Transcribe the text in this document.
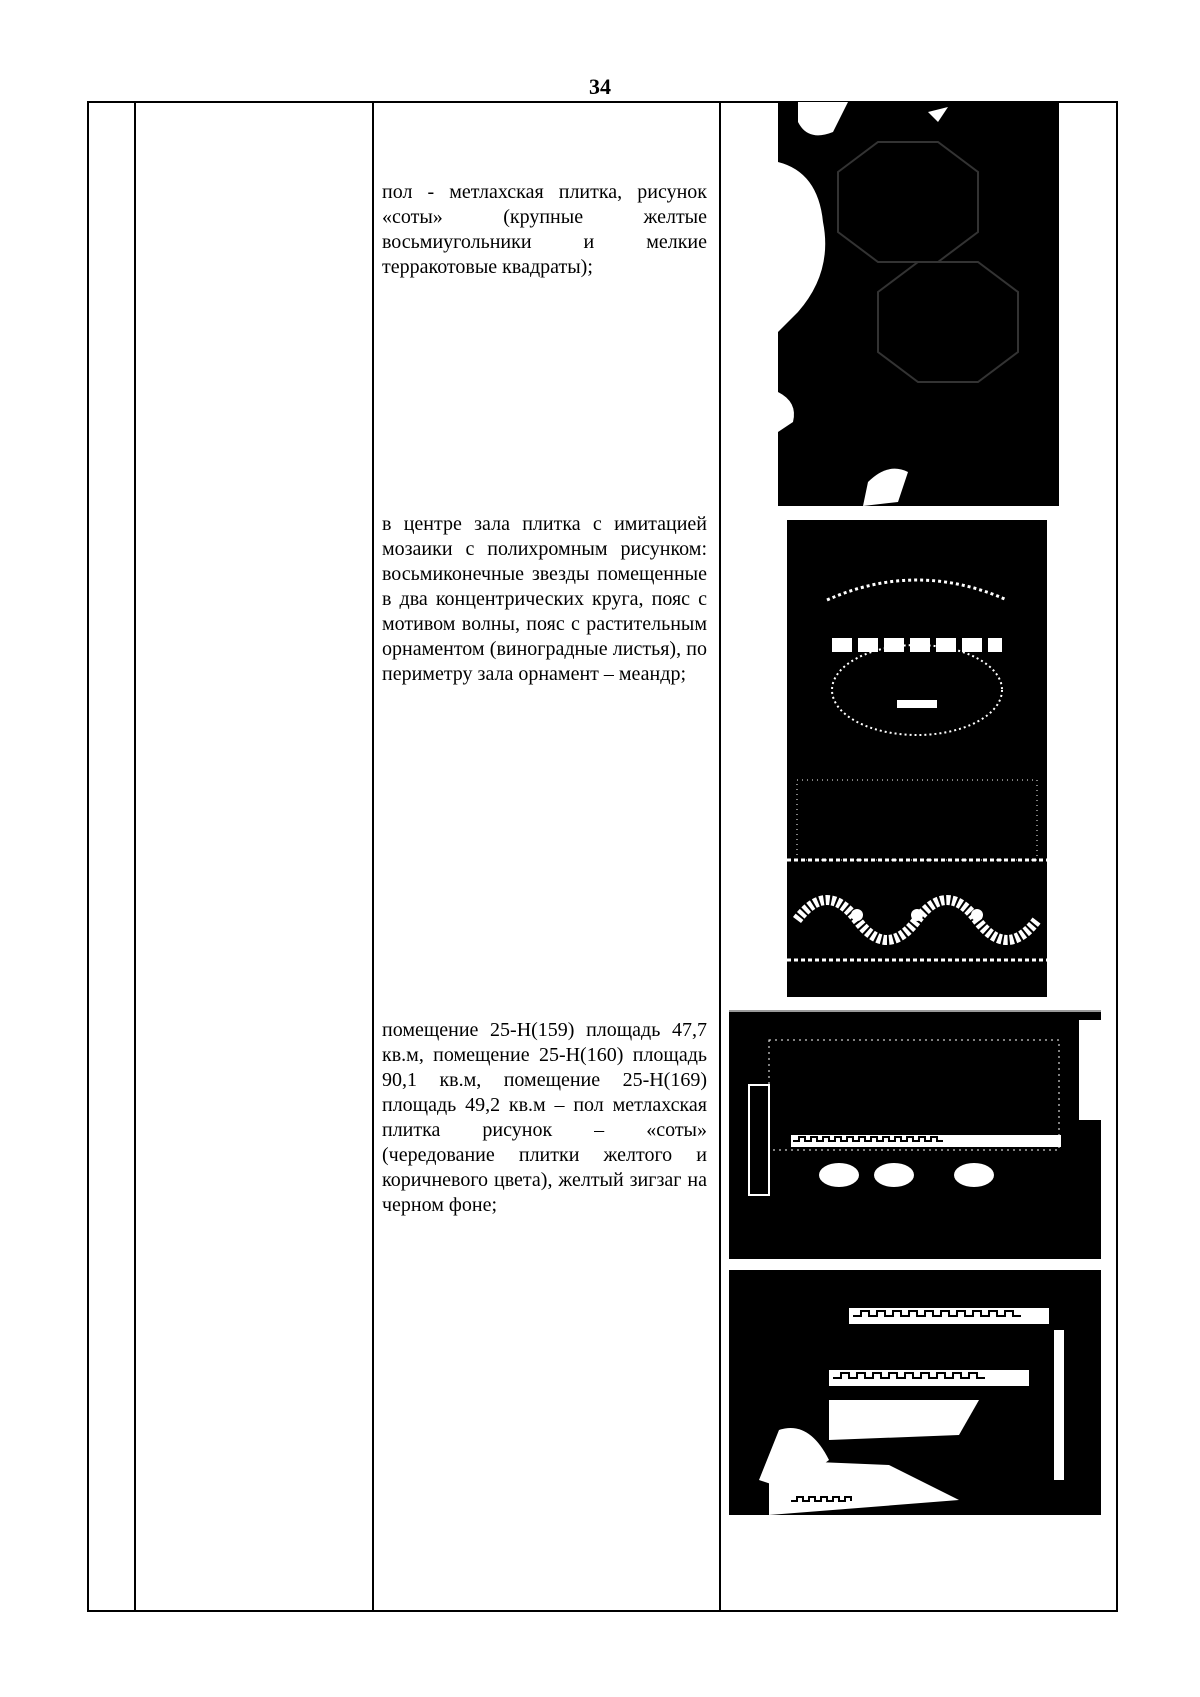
34
пол - метлахская плитка, рисунок «соты» (крупные желтые восьмиугольники и мелкие терракотовые квадраты);
в центре зала плитка с имитацией мозаики с полихромным рисунком: восьмиконечные звезды помещенные в два концентрических круга, пояс с мотивом волны, пояс с растительным орнаментом (виноградные листья), по периметру зала орнамент – меандр;
помещение 25-Н(159) площадь 47,7 кв.м, помещение 25-Н(160) площадь 90,1 кв.м, помещение 25-Н(169) площадь 49,2 кв.м – пол метлахская плитка рисунок – «соты» (чередование плитки желтого и коричневого цвета), желтый зигзаг на черном фоне;
